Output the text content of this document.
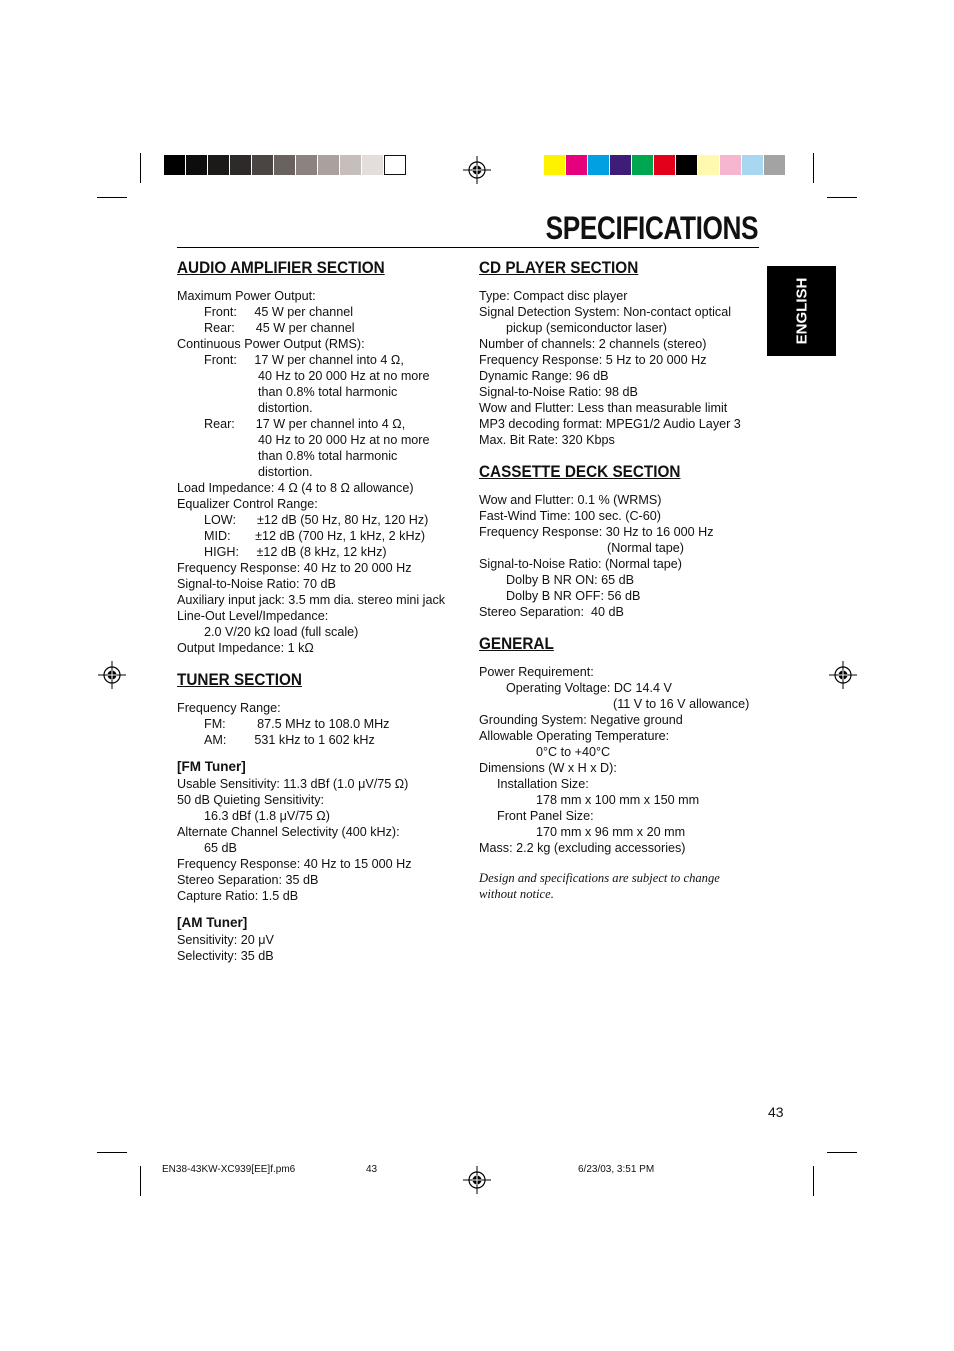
SPECIFICATIONS
ENGLISH
AUDIO AMPLIFIER SECTION
Maximum Power Output:
Front:     45 W per channel
Rear:      45 W per channel
Continuous Power Output (RMS):
Front:     17 W per channel into 4 Ω,
40 Hz to 20 000 Hz at no more
than 0.8% total harmonic
distortion.
Rear:      17 W per channel into 4 Ω,
40 Hz to 20 000 Hz at no more
than 0.8% total harmonic
distortion.
Load Impedance: 4 Ω (4 to 8 Ω allowance)
Equalizer Control Range:
LOW:      ±12 dB (50 Hz, 80 Hz, 120 Hz)
MID:       ±12 dB (700 Hz, 1 kHz, 2 kHz)
HIGH:     ±12 dB (8 kHz, 12 kHz)
Frequency Response: 40 Hz to 20 000 Hz
Signal-to-Noise Ratio: 70 dB
Auxiliary input jack: 3.5 mm dia. stereo mini jack
Line-Out Level/Impedance:
2.0 V/20 kΩ load (full scale)
Output Impedance: 1 kΩ
TUNER SECTION
Frequency Range:
FM:         87.5 MHz to 108.0 MHz
AM:        531 kHz to 1 602 kHz
[FM Tuner]
Usable Sensitivity: 11.3 dBf (1.0 μV/75 Ω)
50 dB Quieting Sensitivity:
16.3 dBf (1.8 μV/75 Ω)
Alternate Channel Selectivity (400 kHz):
65 dB
Frequency Response: 40 Hz to 15 000 Hz
Stereo Separation: 35 dB
Capture Ratio: 1.5 dB
[AM Tuner]
Sensitivity: 20 μV
Selectivity: 35 dB
CD PLAYER SECTION
Type: Compact disc player
Signal Detection System: Non-contact optical
pickup (semiconductor laser)
Number of channels: 2 channels (stereo)
Frequency Response: 5 Hz to 20 000 Hz
Dynamic Range: 96 dB
Signal-to-Noise Ratio: 98 dB
Wow and Flutter: Less than measurable limit
MP3 decoding format: MPEG1/2 Audio Layer 3
Max. Bit Rate: 320 Kbps
CASSETTE DECK SECTION
Wow and Flutter: 0.1 % (WRMS)
Fast-Wind Time: 100 sec. (C-60)
Frequency Response: 30 Hz to 16 000 Hz
(Normal tape)
Signal-to-Noise Ratio: (Normal tape)
Dolby B NR ON: 65 dB
Dolby B NR OFF: 56 dB
Stereo Separation:  40 dB
GENERAL
Power Requirement:
Operating Voltage: DC 14.4 V
(11 V to 16 V allowance)
Grounding System: Negative ground
Allowable Operating Temperature:
0°C to +40°C
Dimensions (W x H x D):
Installation Size:
178 mm x 100 mm x 150 mm
Front Panel Size:
170 mm x 96 mm x 20 mm
Mass: 2.2 kg (excluding accessories)
Design and specifications are subject to change
without notice.
43
EN38-43KW-XC939[EE]f.pm6	43	6/23/03, 3:51 PM
